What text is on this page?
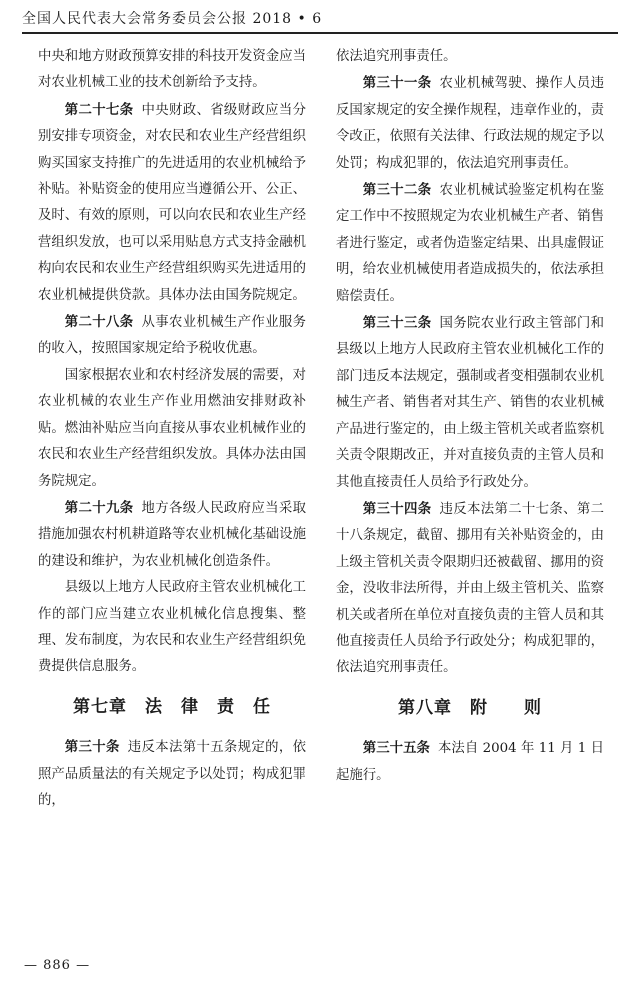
全国人民代表大会常务委员会公报 2018 • 6
中央和地方财政预算安排的科技开发资金应当对农业机械工业的技术创新给予支持。
第二十七条 中央财政、省级财政应当分别安排专项资金，对农民和农业生产经营组织购买国家支持推广的先进适用的农业机械给予补贴。补贴资金的使用应当遵循公开、公正、及时、有效的原则，可以向农民和农业生产经营组织发放，也可以采用贴息方式支持金融机构向农民和农业生产经营组织购买先进适用的农业机械提供贷款。具体办法由国务院规定。
第二十八条 从事农业机械生产作业服务的收入，按照国家规定给予税收优惠。
国家根据农业和农村经济发展的需要，对农业机械的农业生产作业用燃油安排财政补贴。燃油补贴应当向直接从事农业机械作业的农民和农业生产经营组织发放。具体办法由国务院规定。
第二十九条 地方各级人民政府应当采取措施加强农村机耕道路等农业机械化基础设施的建设和维护，为农业机械化创造条件。
县级以上地方人民政府主管农业机械化工作的部门应当建立农业机械化信息搜集、整理、发布制度，为农民和农业生产经营组织免费提供信息服务。
第七章　法　律　责　任
第三十条 违反本法第十五条规定的，依照产品质量法的有关规定予以处罚；构成犯罪的，
依法追究刑事责任。
第三十一条 农业机械驾驶、操作人员违反国家规定的安全操作规程，违章作业的，责令改正，依照有关法律、行政法规的规定予以处罚；构成犯罪的，依法追究刑事责任。
第三十二条 农业机械试验鉴定机构在鉴定工作中不按照规定为农业机械生产者、销售者进行鉴定，或者伪造鉴定结果、出具虚假证明，给农业机械使用者造成损失的，依法承担赔偿责任。
第三十三条 国务院农业行政主管部门和县级以上地方人民政府主管农业机械化工作的部门违反本法规定，强制或者变相强制农业机械生产者、销售者对其生产、销售的农业机械产品进行鉴定的，由上级主管机关或者监察机关责令限期改正，并对直接负责的主管人员和其他直接责任人员给予行政处分。
第三十四条 违反本法第二十七条、第二十八条规定，截留、挪用有关补贴资金的，由上级主管机关责令限期归还被截留、挪用的资金，没收非法所得，并由上级主管机关、监察机关或者所在单位对直接负责的主管人员和其他直接责任人员给予行政处分；构成犯罪的，依法追究刑事责任。
第八章　附　　则
第三十五条 本法自 2004 年 11 月 1 日起施行。
— 886 —
